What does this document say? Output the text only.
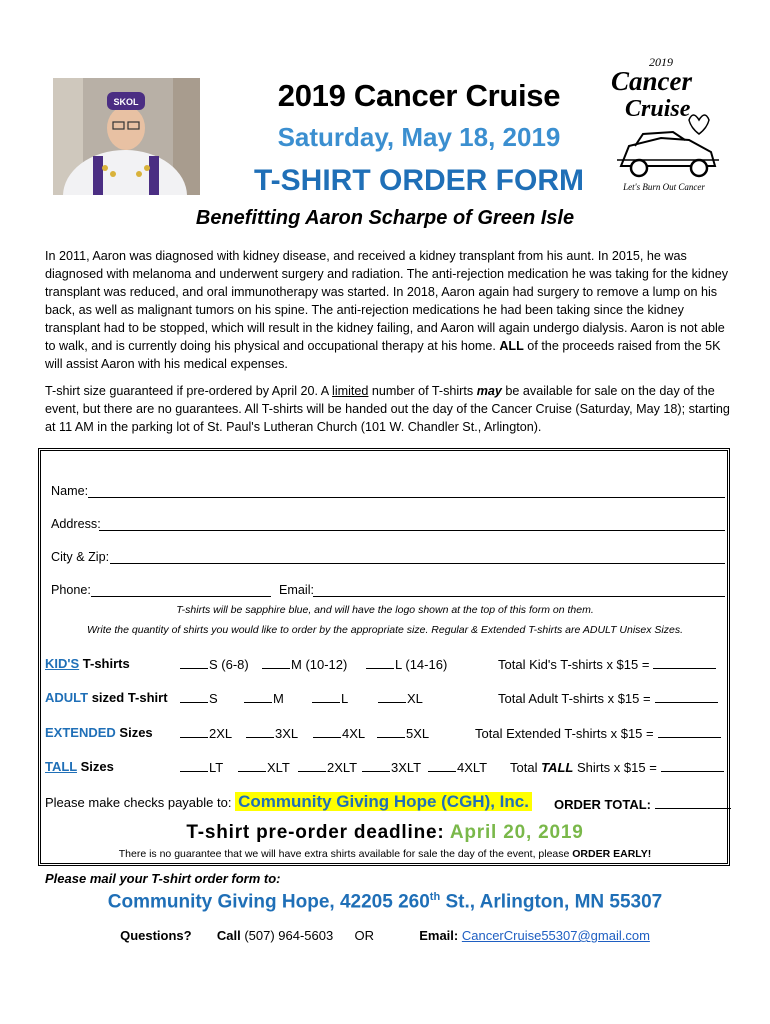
SKOL	2019 Cancer Cruise
Saturday, May 18, 2019
T-SHIRT ORDER FORM
2019
Cancer
Cruise
Let's Burn Out Cancer
Benefitting Aaron Scharpe of Green Isle
In 2011, Aaron was diagnosed with kidney disease, and received a kidney transplant from his aunt. In 2015, he was diagnosed with melanoma and underwent surgery and radiation. The anti-rejection medication he was taking for the kidney transplant was reduced, and oral immunotherapy was started. In 2018, Aaron again had surgery to remove a lump on his back, as well as malignant tumors on his spine. The anti-rejection medications he had been taking since the kidney transplant had to be stopped, which will result in the kidney failing, and Aaron will again undergo dialysis. Aaron is not able to walk, and is currently doing his physical and occupational therapy at his home. ALL of the proceeds raised from the 5K will assist Aaron with his medical expenses.
T-shirt size guaranteed if pre-ordered by April 20. A limited number of T-shirts may be available for sale on the day of the event, but there are no guarantees. All T-shirts will be handed out the day of the Cancer Cruise (Saturday, May 18); starting at 11 AM in the parking lot of St. Paul's Lutheran Church (101 W. Chandler St., Arlington).
Name:
Address:
City & Zip:
Phone:	Email:
T-shirts will be sapphire blue, and will have the logo shown at the top of this form on them.
Write the quantity of shirts you would like to order by the appropriate size. Regular & Extended T-shirts are ADULT Unisex Sizes.
KID'S T-shirts	S (6-8)	M (10-12)	L (14-16)	Total Kid's T-shirts x $15 =
ADULT sized T-shirt	S	M	L	XL	Total Adult T-shirts x $15 =
EXTENDED Sizes	2XL	3XL	4XL	5XL	Total Extended T-shirts x $15 =
TALL Sizes	LT	XLT	2XLT	3XLT	4XLT Total TALL Shirts x $15 =
Please make checks payable to: Community Giving Hope (CGH), Inc. ORDER TOTAL:
T-shirt pre-order deadline: April 20, 2019
There is no guarantee that we will have extra shirts available for sale the day of the event, please ORDER EARLY!
Please mail your T-shirt order form to:
Community Giving Hope, 42205 260th St., Arlington, MN 55307
Questions? Call (507) 964-5603 OR	Email: CancerCruise55307@gmail.com
